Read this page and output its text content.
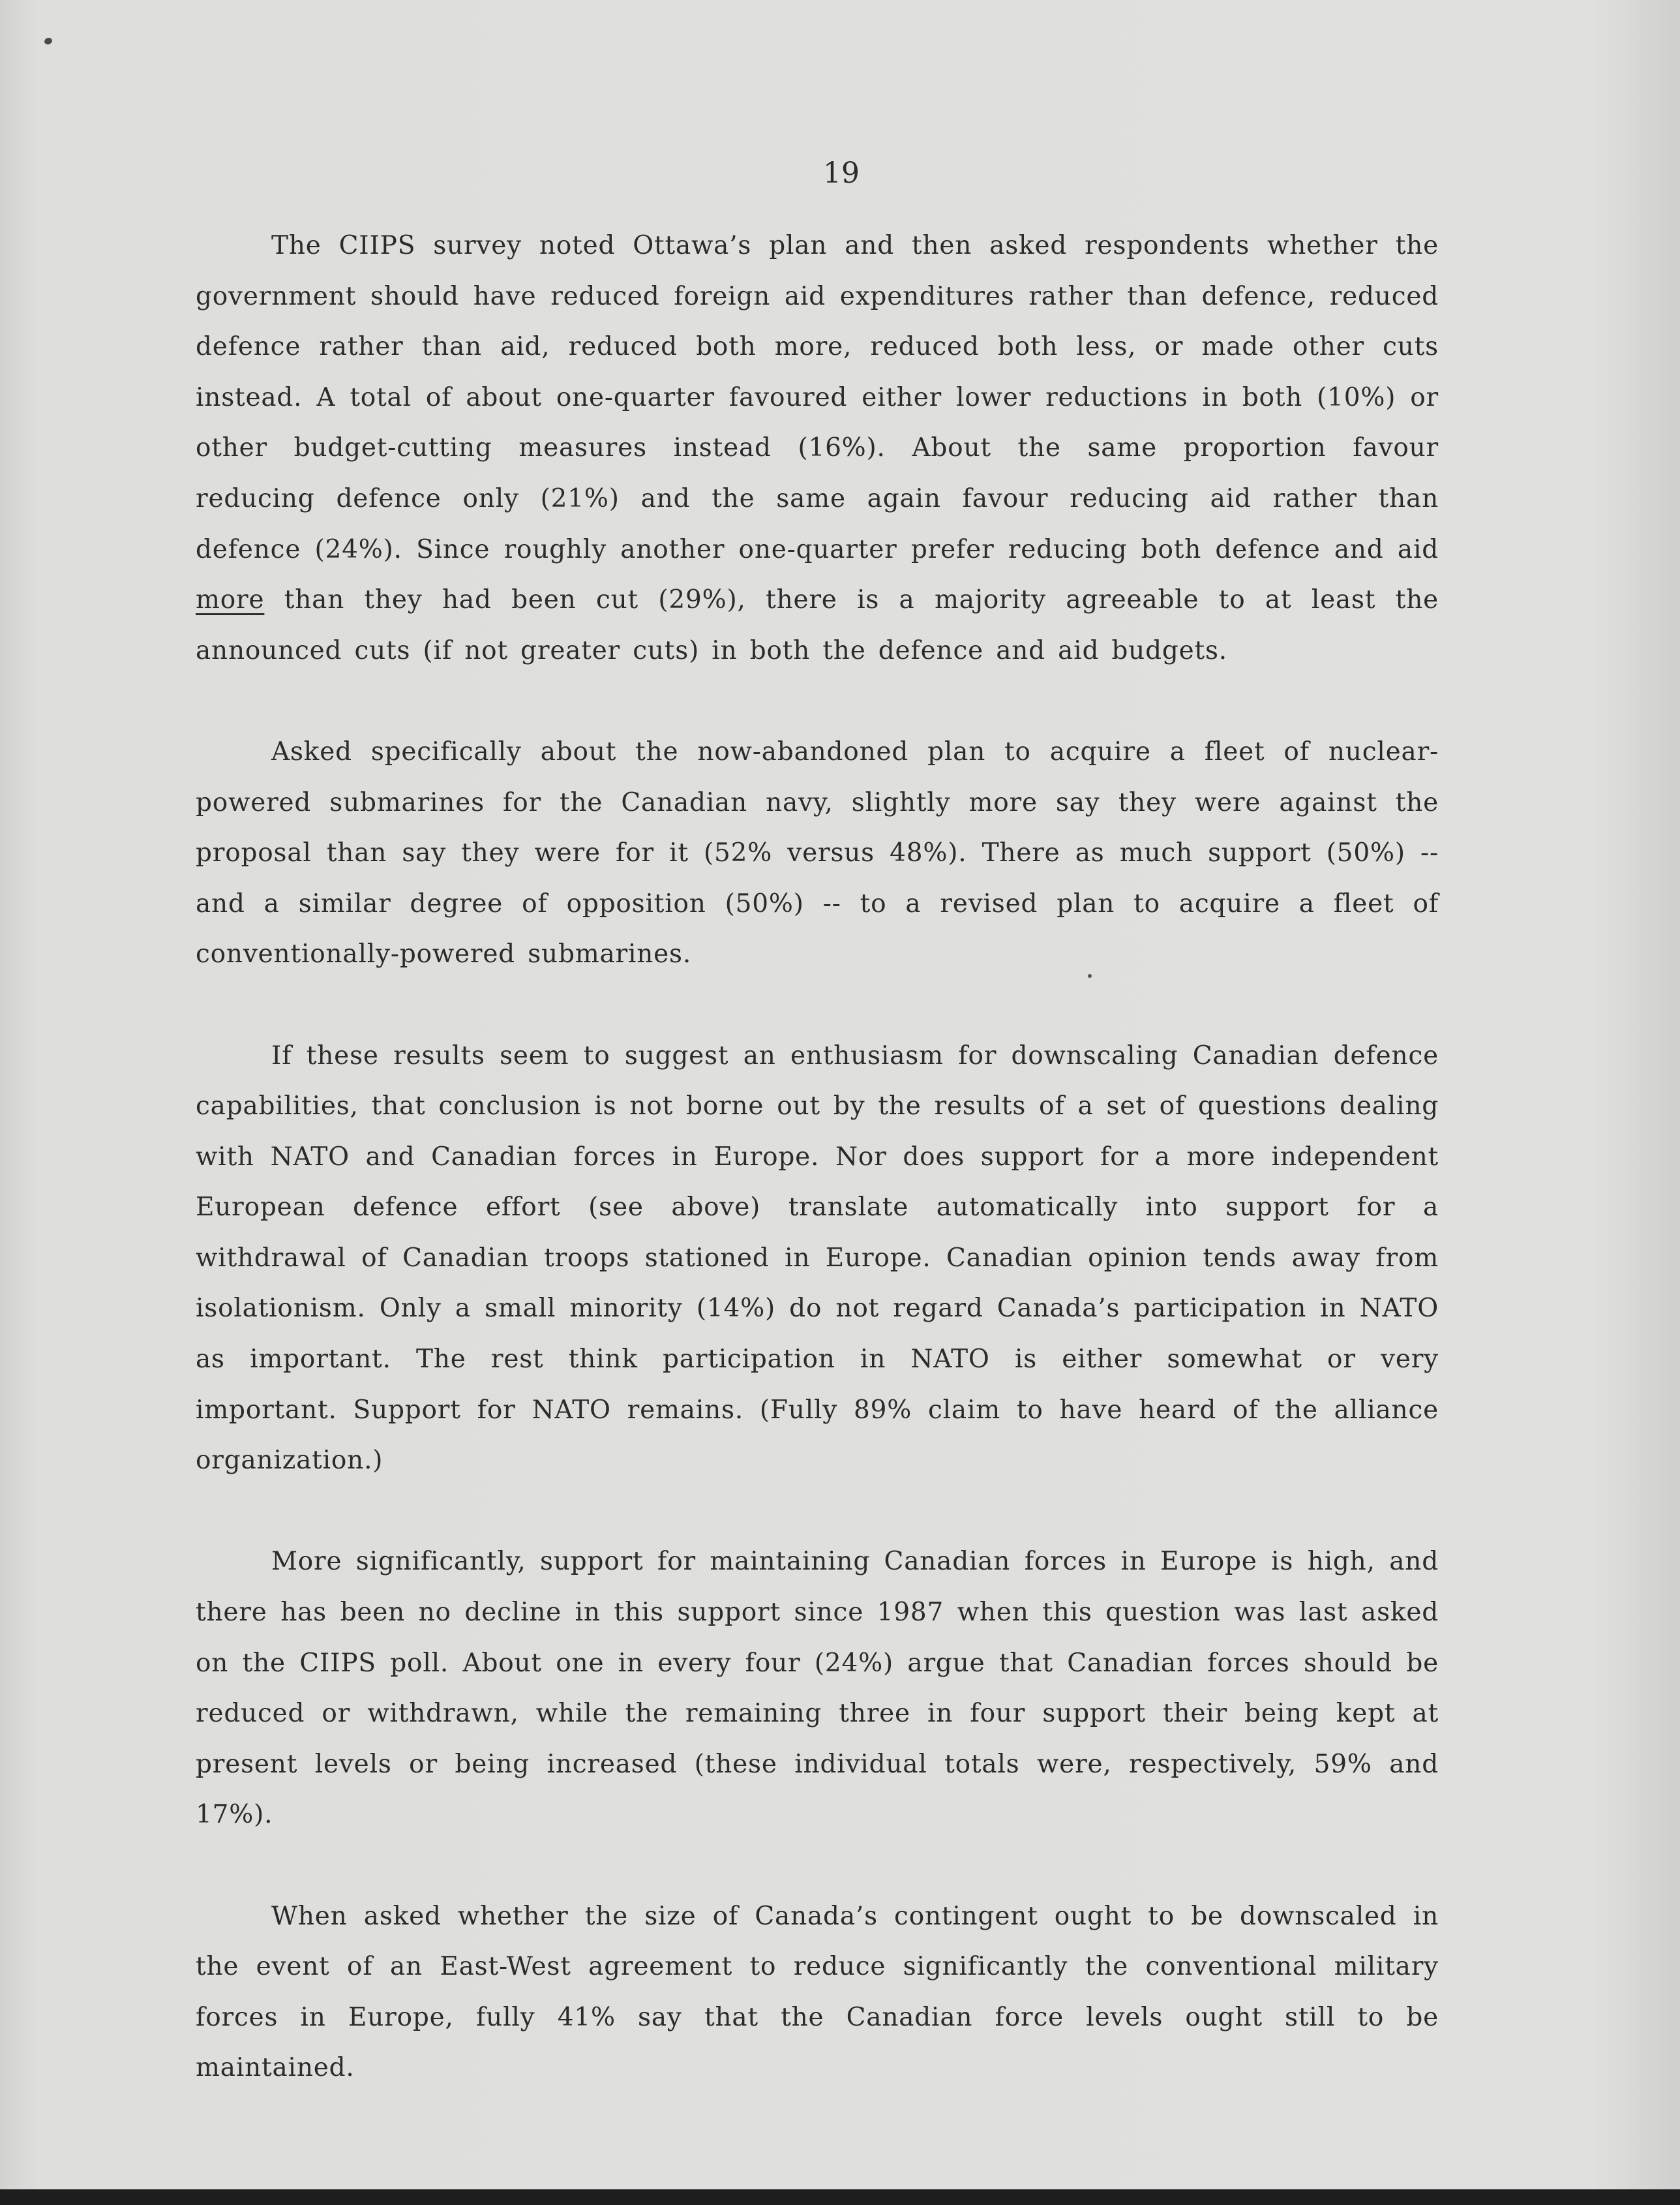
19

The CIIPS survey noted Ottawa’s plan and then asked respondents whether the government should have reduced foreign aid expenditures rather than defence, reduced defence rather than aid, reduced both more, reduced both less, or made other cuts instead. A total of about one-quarter favoured either lower reductions in both (10%) or other budget-cutting measures instead (16%). About the same proportion favour reducing defence only (21%) and the same again favour reducing aid rather than defence (24%). Since roughly another one-quarter prefer reducing both defence and aid more than they had been cut (29%), there is a majority agreeable to at least the announced cuts (if not greater cuts) in both the defence and aid budgets.

Asked specifically about the now-abandoned plan to acquire a fleet of nuclear-powered submarines for the Canadian navy, slightly more say they were against the proposal than say they were for it (52% versus 48%). There as much support (50%) -- and a similar degree of opposition (50%) -- to a revised plan to acquire a fleet of conventionally-powered submarines.

If these results seem to suggest an enthusiasm for downscaling Canadian defence capabilities, that conclusion is not borne out by the results of a set of questions dealing with NATO and Canadian forces in Europe. Nor does support for a more independent European defence effort (see above) translate automatically into support for a withdrawal of Canadian troops stationed in Europe. Canadian opinion tends away from isolationism. Only a small minority (14%) do not regard Canada’s participation in NATO as important. The rest think participation in NATO is either somewhat or very important. Support for NATO remains. (Fully 89% claim to have heard of the alliance organization.)

More significantly, support for maintaining Canadian forces in Europe is high, and there has been no decline in this support since 1987 when this question was last asked on the CIIPS poll. About one in every four (24%) argue that Canadian forces should be reduced or withdrawn, while the remaining three in four support their being kept at present levels or being increased (these individual totals were, respectively, 59% and 17%).

When asked whether the size of Canada’s contingent ought to be downscaled in the event of an East-West agreement to reduce significantly the conventional military forces in Europe, fully 41% say that the Canadian force levels ought still to be maintained.
